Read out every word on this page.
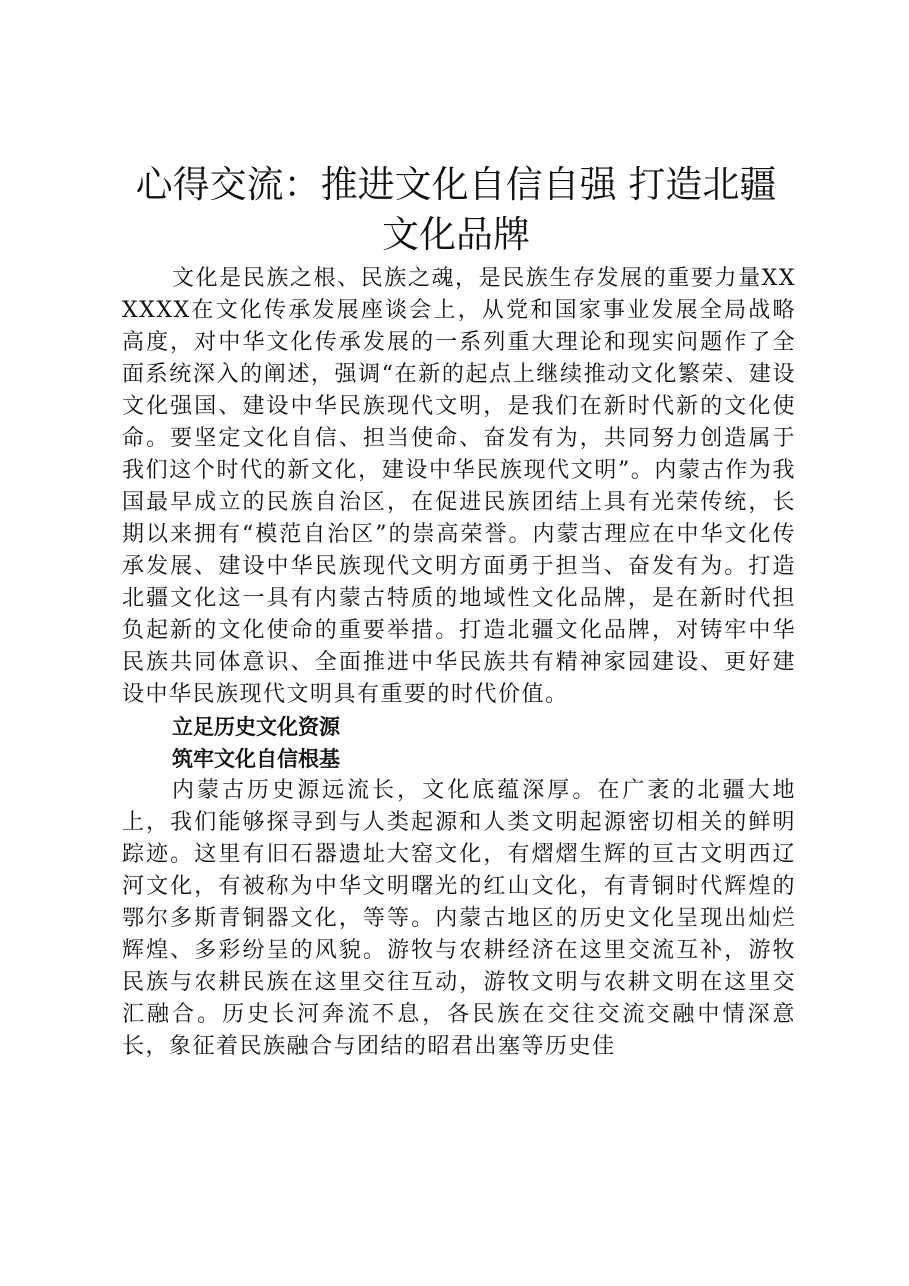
心得交流：推进文化自信自强 打造北疆文化品牌

文化是民族之根、民族之魂，是民族生存发展的重要力量XXXXXX在文化传承发展座谈会上，从党和国家事业发展全局战略高度，对中华文化传承发展的一系列重大理论和现实问题作了全面系统深入的阐述，强调“在新的起点上继续推动文化繁荣、建设文化强国、建设中华民族现代文明，是我们在新时代新的文化使命。要坚定文化自信、担当使命、奋发有为，共同努力创造属于我们这个时代的新文化，建设中华民族现代文明”。内蒙古作为我国最早成立的民族自治区，在促进民族团结上具有光荣传统，长期以来拥有“模范自治区”的崇高荣誉。内蒙古理应在中华文化传承发展、建设中华民族现代文明方面勇于担当、奋发有为。打造北疆文化这一具有内蒙古特质的地域性文化品牌，是在新时代担负起新的文化使命的重要举措。打造北疆文化品牌，对铸牢中华民族共同体意识、全面推进中华民族共有精神家园建设、更好建设中华民族现代文明具有重要的时代价值。

立足历史文化资源

筑牢文化自信根基

内蒙古历史源远流长，文化底蕴深厚。在广袤的北疆大地上，我们能够探寻到与人类起源和人类文明起源密切相关的鲜明踪迹。这里有旧石器遗址大窑文化，有熠熠生辉的亘古文明西辽河文化，有被称为中华文明曙光的红山文化，有青铜时代辉煌的鄂尔多斯青铜器文化，等等。内蒙古地区的历史文化呈现出灿烂辉煌、多彩纷呈的风貌。游牧与农耕经济在这里交流互补，游牧民族与农耕民族在这里交往互动，游牧文明与农耕文明在这里交汇融合。历史长河奔流不息，各民族在交往交流交融中情深意长，象征着民族融合与团结的昭君出塞等历史佳
